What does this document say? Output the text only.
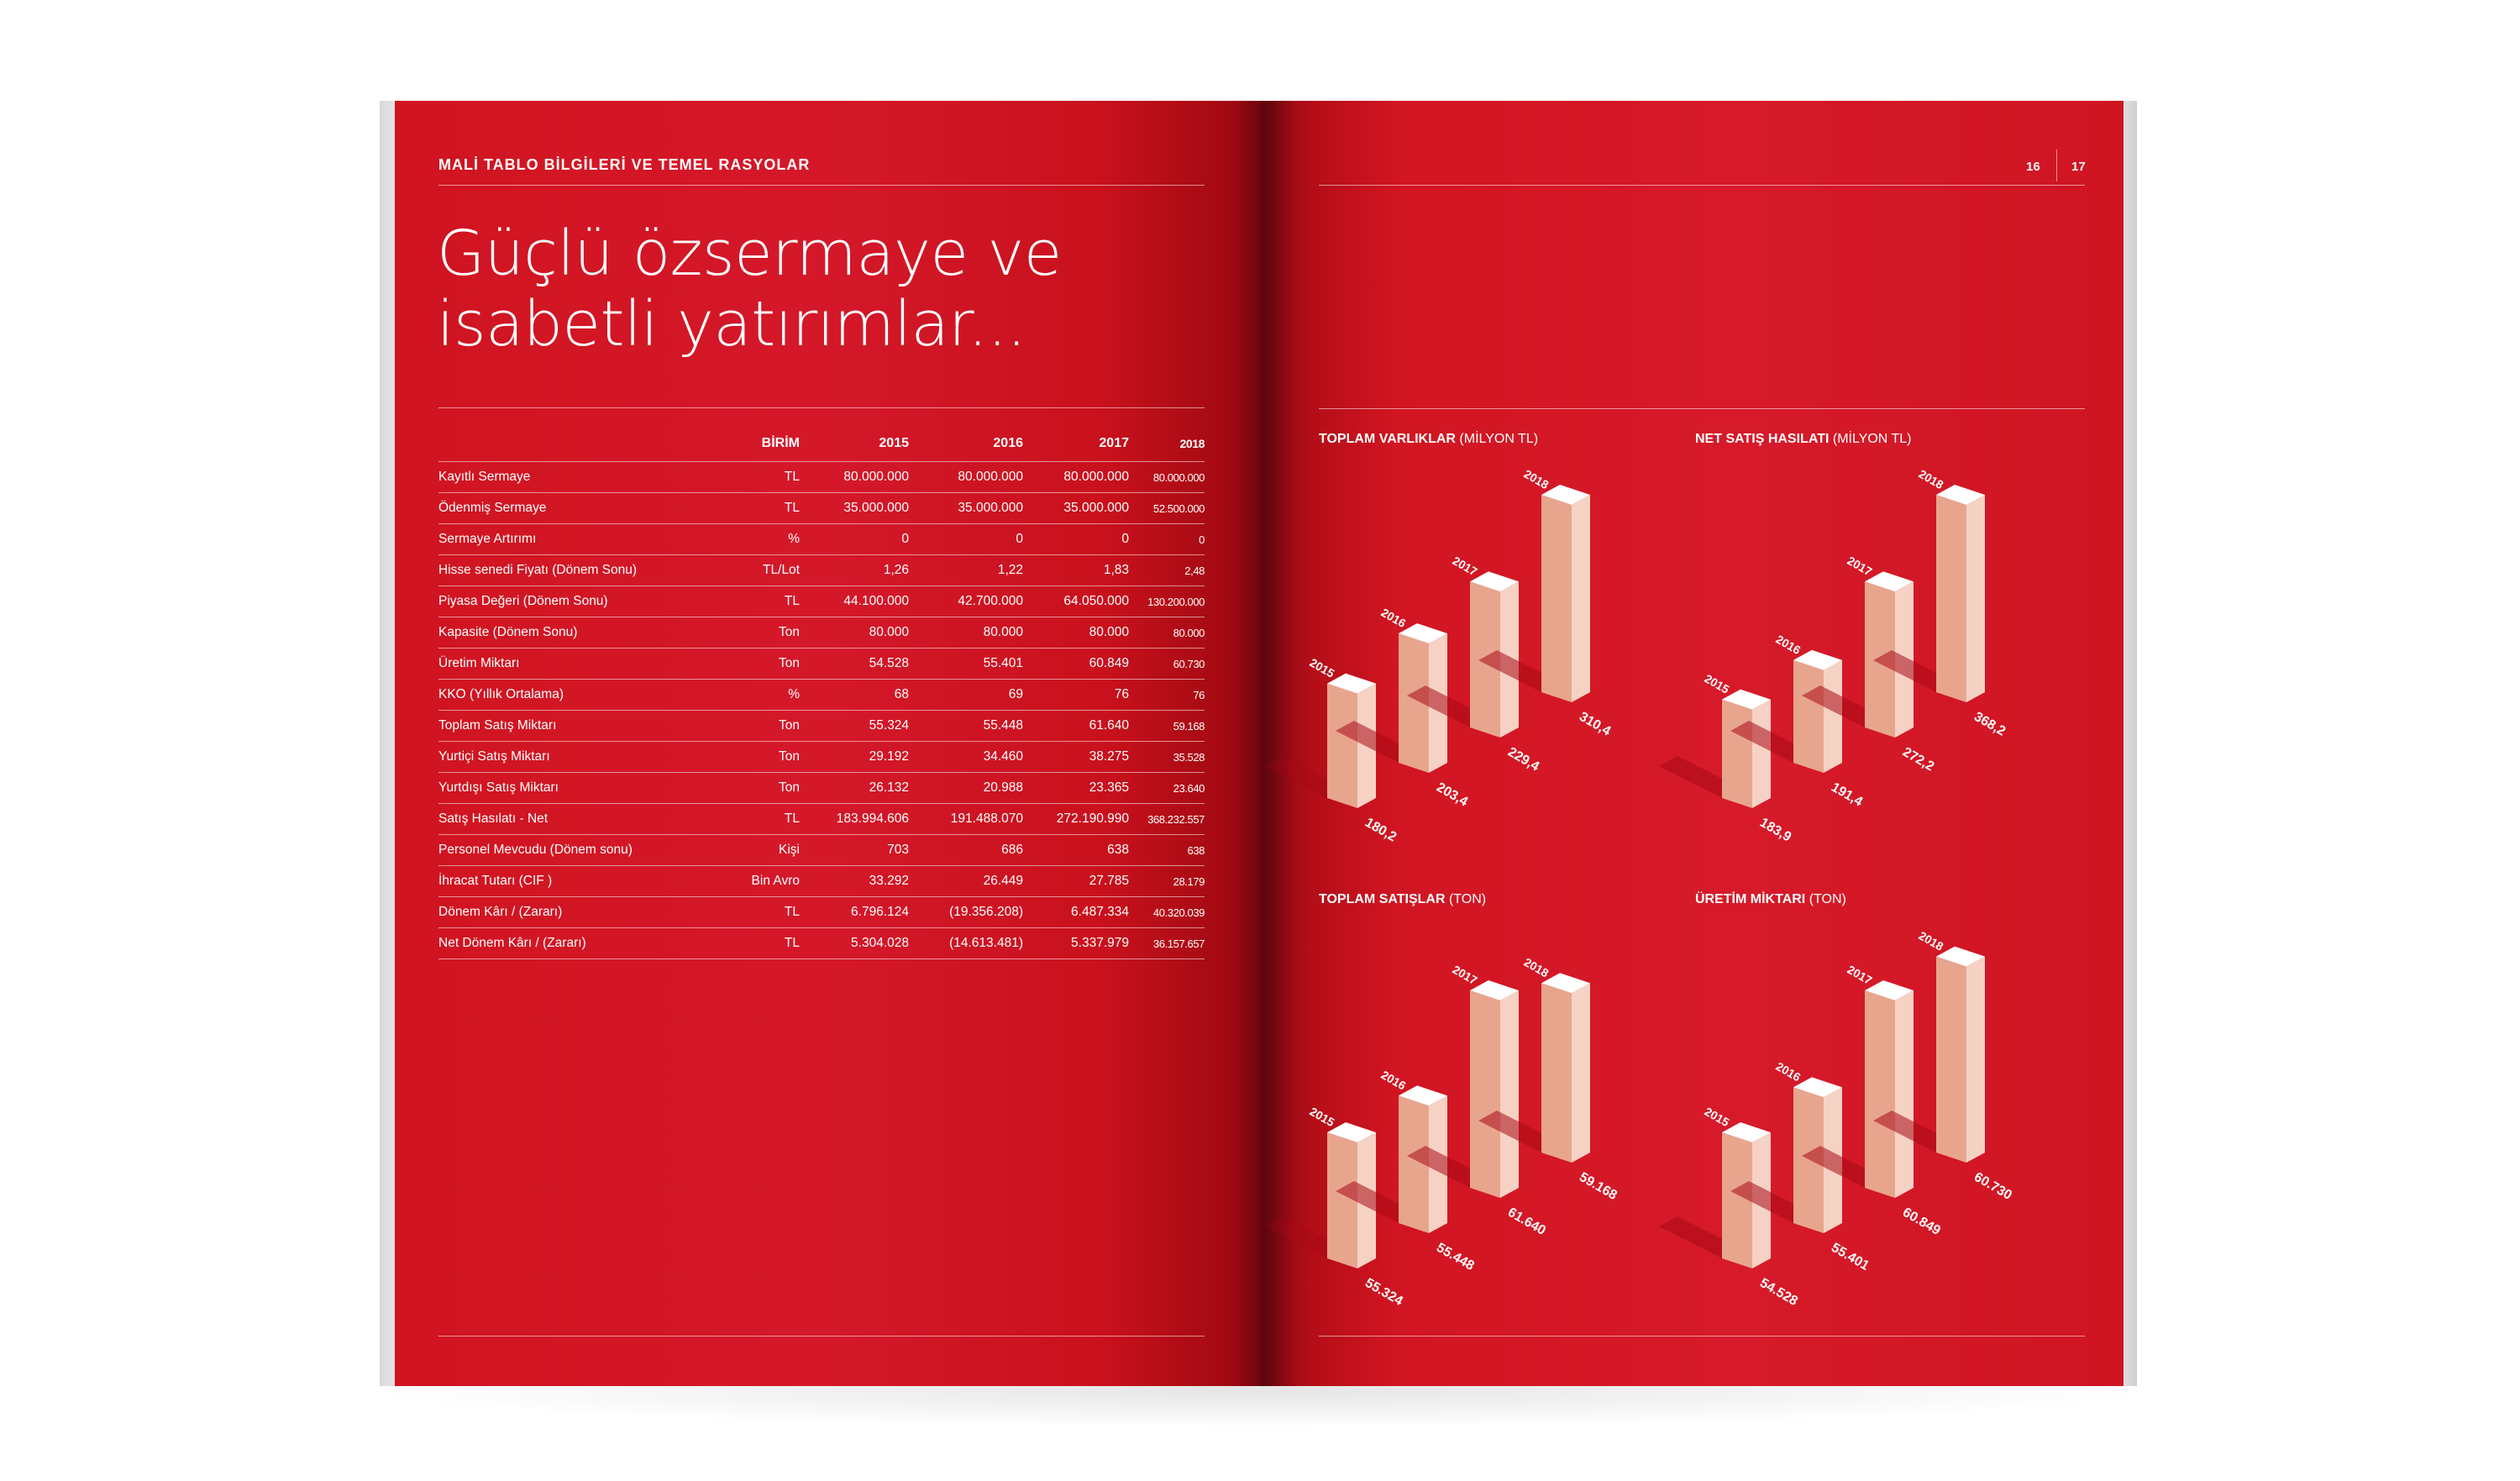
MALİ TABLO BİLGİLERİ VE TEMEL RASYOLAR
Güçlü özsermaye ve
isabetli yatırımlar...
	BİRİM	2015	2016	2017	2018
Kayıtlı Sermaye	TL	80.000.000	80.000.000	80.000.000	80.000.000
Ödenmiş Sermaye	TL	35.000.000	35.000.000	35.000.000	52.500.000
Sermaye Artırımı	%	0	0	0	0
Hisse senedi Fiyatı (Dönem Sonu)	TL/Lot	1,26	1,22	1,83	2,48
Piyasa Değeri (Dönem Sonu)	TL	44.100.000	42.700.000	64.050.000	130.200.000
Kapasite (Dönem Sonu)	Ton	80.000	80.000	80.000	80.000
Üretim Miktarı	Ton	54.528	55.401	60.849	60.730
KKO (Yıllık Ortalama)	%	68	69	76	76
Toplam Satış Miktarı	Ton	55.324	55.448	61.640	59.168
Yurtiçi Satış Miktarı	Ton	29.192	34.460	38.275	35.528
Yurtdışı Satış Miktarı	Ton	26.132	20.988	23.365	23.640
Satış Hasılatı - Net	TL	183.994.606	191.488.070	272.190.990	368.232.557
Personel Mevcudu (Dönem sonu)	Kişi	703	686	638	638
İhracat Tutarı (CIF )	Bin Avro	33.292	26.449	27.785	28.179
Dönem Kârı / (Zararı)	TL	6.796.124	(19.356.208)	6.487.334	40.320.039
Net Dönem Kârı / (Zararı)	TL	5.304.028	(14.613.481)	5.337.979	36.157.657
16 17
TOPLAM VARLIKLAR (MİLYON TL)	NET SATIŞ HASILATI (MİLYON TL)
TOPLAM SATIŞLAR (TON)	ÜRETİM MİKTARI (TON)
2015
180,2
2016
203,4
2017
229,4
2018
310,4
2015
183,9
2016
191,4
2017
272,2
2018
368,2
2015
55.324
2016
55.448
2017
61.640
2018
59.168
2015
54.528
2016
55.401
2017
60.849
2018
60.730
